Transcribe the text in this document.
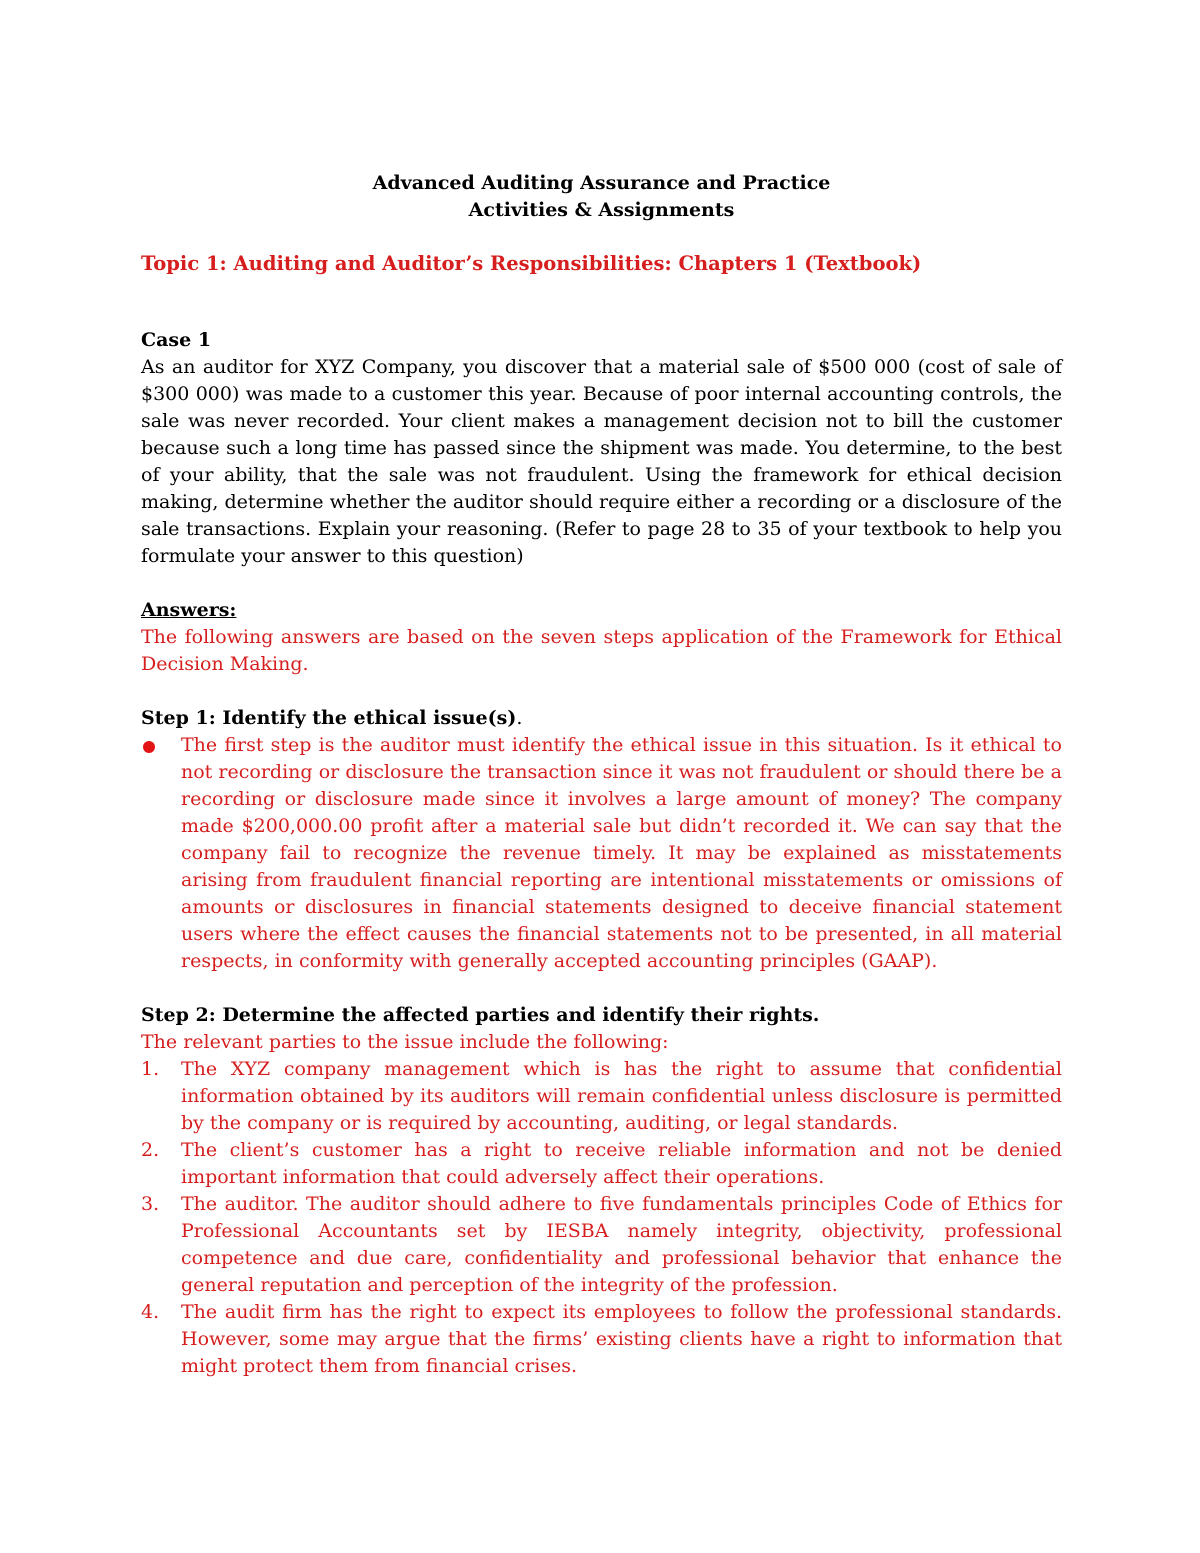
Advanced Auditing Assurance and Practice

Activities & Assignments

Topic 1: Auditing and Auditor’s Responsibilities: Chapters 1 (Textbook)

Case 1

As an auditor for XYZ Company, you discover that a material sale of $500 000 (cost of sale of $300 000) was made to a customer this year. Because of poor internal accounting controls, the sale was never recorded. Your client makes a management decision not to bill the customer because such a long time has passed since the shipment was made. You determine, to the best of your ability, that the sale was not fraudulent. Using the framework for ethical decision making, determine whether the auditor should require either a recording or a disclosure of the sale transactions. Explain your reasoning. (Refer to page 28 to 35 of your textbook to help you formulate your answer to this question)

Answers:

The following answers are based on the seven steps application of the Framework for Ethical Decision Making.

Step 1: Identify the ethical issue(s).

The first step is the auditor must identify the ethical issue in this situation. Is it ethical to not recording or disclosure the transaction since it was not fraudulent or should there be a recording or disclosure made since it involves a large amount of money? The company made $200,000.00 profit after a material sale but didn’t recorded it. We can say that the company fail to recognize the revenue timely. It may be explained as misstatements arising from fraudulent financial reporting are intentional misstatements or omissions of amounts or disclosures in financial statements designed to deceive financial statement users where the effect causes the financial statements not to be presented, in all material respects, in conformity with generally accepted accounting principles (GAAP).

Step 2: Determine the affected parties and identify their rights.

The relevant parties to the issue include the following:

1.	The XYZ company management which is has the right to assume that confidential information obtained by its auditors will remain confidential unless disclosure is permitted by the company or is required by accounting, auditing, or legal standards.
2.	The client’s customer has a right to receive reliable information and not be denied important information that could adversely affect their operations.
3.	The auditor. The auditor should adhere to five fundamentals principles Code of Ethics for Professional Accountants set by IESBA namely integrity, objectivity, professional competence and due care, confidentiality and professional behavior that enhance the general reputation and perception of the integrity of the profession.
4.	The audit firm has the right to expect its employees to follow the professional standards. However, some may argue that the firms’ existing clients have a right to information that might protect them from financial crises.
